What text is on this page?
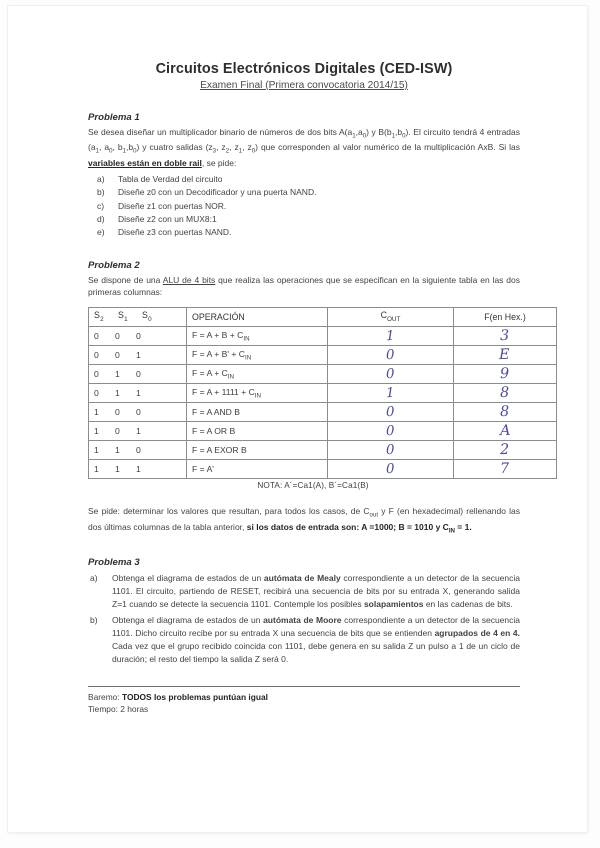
Circuitos Electrónicos Digitales (CED-ISW)
Examen Final (Primera convocatoria 2014/15)
Problema 1

Se desea diseñar un multiplicador binario de números de dos bits $A(a_1,a_0)$ y $B(b_1,b_0)$. El circuito tendrá 4 entradas ($a_1$, $a_0$, $b_1,b_0$) y cuatro salidas ($z_3$, $z_2$, $z_1$, $z_0$) que corresponden al valor numérico de la multiplicación AxB. Si las variables están en doble rail, se pide:

a)	Tabla de Verdad del circuito
b)	Diseñe z0 con un Decodificador y una puerta NAND.
c)	Diseñe z1 con puertas NOR.
d)	Diseñe z2 con un MUX8:1
e)	Diseñe z3 con puertas NAND.
Problema 2

Se dispone de una ALU de 4 bits que realiza las operaciones que se especifican en la siguiente tabla en las dos primeras columnas:

$S_2$ $S_1$ $S_0$	OPERACIÓN	$C_{OUT}$	F(en Hex.)

0 0 0	$F = A + B + C_{IN}$	1	3

0 0 1	$F = A + B' + C_{IN}$	0	E

0 1 0	$F = A + C_{IN}$	0	9

0 1 1	$F = A + 1111 + C_{IN}$	1	8

1 0 0	F = A AND B	0	8

1 0 1	F = A OR B	0	A

1 1 0	F = A EXOR B	0	2

1 1 1	F = A'	0	7
NOTA: A´=Ca1(A), B´=Ca1(B)

Se pide: determinar los valores que resultan, para todos los casos, de $C_{out}$ y F (en hexadecimal) rellenando las dos últimas columnas de la tabla anterior, si los datos de entrada son: A =1000; B = 1010 y $C_{IN} = 1$.

Problema 3
a)	Obtenga el diagrama de estados de un autómata de Mealy correspondiente a un detector de la secuencia 1101. El circuito, partiendo de RESET, recibirá una secuencia de bits por su entrada X, generando salida Z=1 cuando se detecte la secuencia 1101. Contemple los posibles solapamientos en las cadenas de bits.
b)	Obtenga el diagrama de estados de un autómata de Moore correspondiente a un detector de la secuencia 1101. Dicho circuito recibe por su entrada X una secuencia de bits que se entienden agrupados de 4 en 4. Cada vez que el grupo recibido coincida con 1101, debe genera en su salida Z un pulso a 1 de un ciclo de duración; el resto del tiempo la salida Z será 0.
Baremo: TODOS los problemas puntúan igual
Tiempo: 2 horas
